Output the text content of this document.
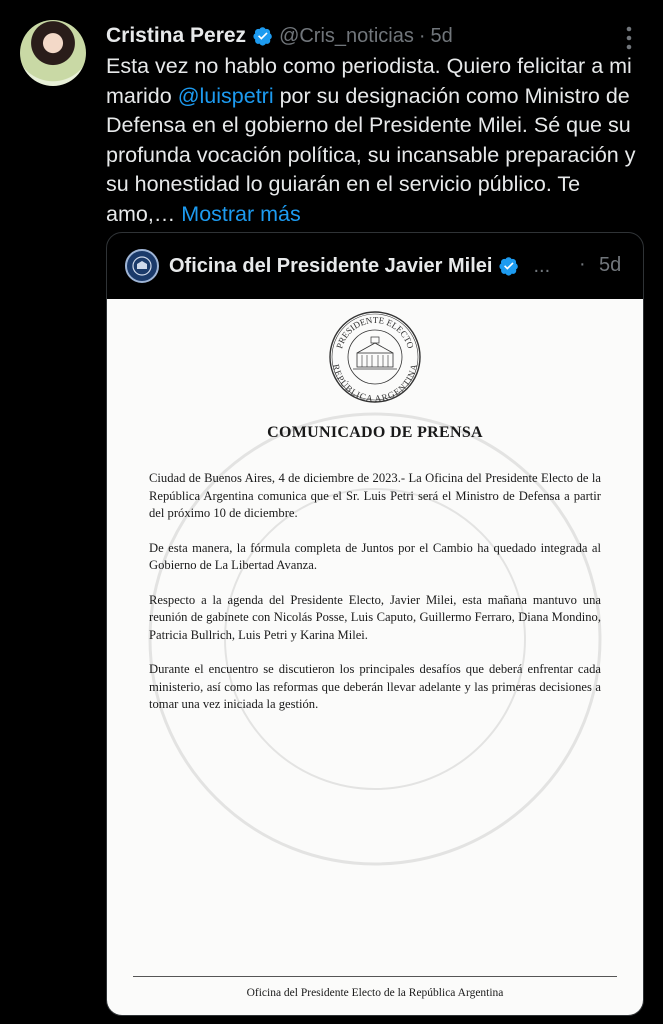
Cristina Perez @Cris_noticias · 5d
Esta vez no hablo como periodista. Quiero felicitar a mi marido @luispetri por su designación como Ministro de Defensa en el gobierno del Presidente Milei. Sé que su profunda vocación política, su incansable preparación y su honestidad lo guiarán en el servicio público. Te amo,… Mostrar más
Oficina del Presidente Javier Milei ... · 5d
PRESIDENTE ELECTO
REPÚBLICA ARGENTINA
COMUNICADO DE PRENSA

Ciudad de Buenos Aires, 4 de diciembre de 2023.- La Oficina del Presidente Electo de la República Argentina comunica que el Sr. Luis Petri será el Ministro de Defensa a partir del próximo 10 de diciembre.

De esta manera, la fórmula completa de Juntos por el Cambio ha quedado integrada al Gobierno de La Libertad Avanza.

Respecto a la agenda del Presidente Electo, Javier Milei, esta mañana mantuvo una reunión de gabinete con Nicolás Posse, Luis Caputo, Guillermo Ferraro, Diana Mondino, Patricia Bullrich, Luis Petri y Karina Milei.

Durante el encuentro se discutieron los principales desafíos que deberá enfrentar cada ministerio, así como las reformas que deberán llevar adelante y las primeras decisiones a tomar una vez iniciada la gestión.

Oficina del Presidente Electo de la República Argentina
